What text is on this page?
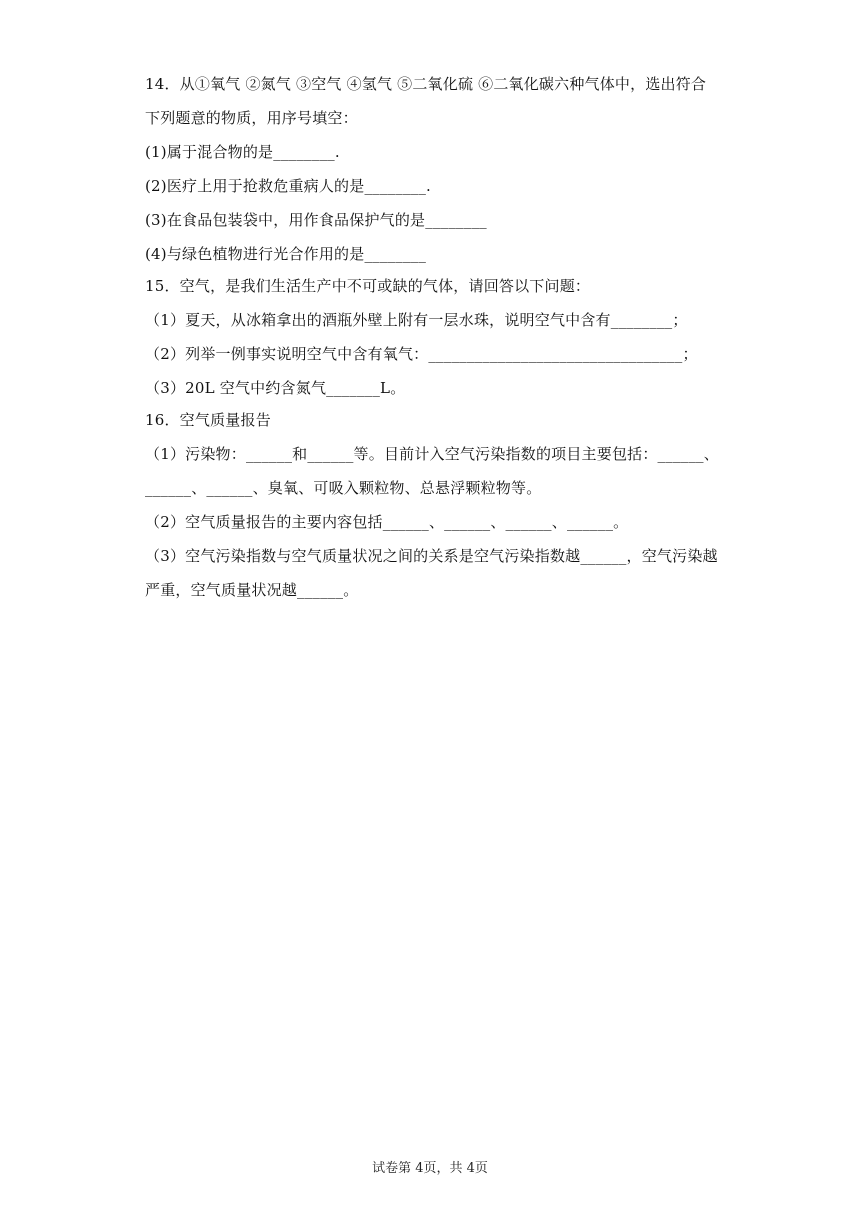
14．从①氧气 ②氮气 ③空气 ④氢气 ⑤二氧化硫 ⑥二氧化碳六种气体中，选出符合
下列题意的物质，用序号填空：
(1)属于混合物的是________.
(2)医疗上用于抢救危重病人的是________.
(3)在食品包装袋中，用作食品保护气的是________
(4)与绿色植物进行光合作用的是________
15．空气，是我们生活生产中不可或缺的气体，请回答以下问题：
（1）夏天，从冰箱拿出的酒瓶外壁上附有一层水珠，说明空气中含有________；
（2）列举一例事实说明空气中含有氧气：_________________________________；
（3）20L 空气中约含氮气_______L。
16．空气质量报告
（1）污染物：______和______等。目前计入空气污染指数的项目主要包括：______、
______、______、臭氧、可吸入颗粒物、总悬浮颗粒物等。
（2）空气质量报告的主要内容包括______、______、______、______。
（3）空气污染指数与空气质量状况之间的关系是空气污染指数越______，空气污染越
严重，空气质量状况越______。
试卷第 4页，共 4页
